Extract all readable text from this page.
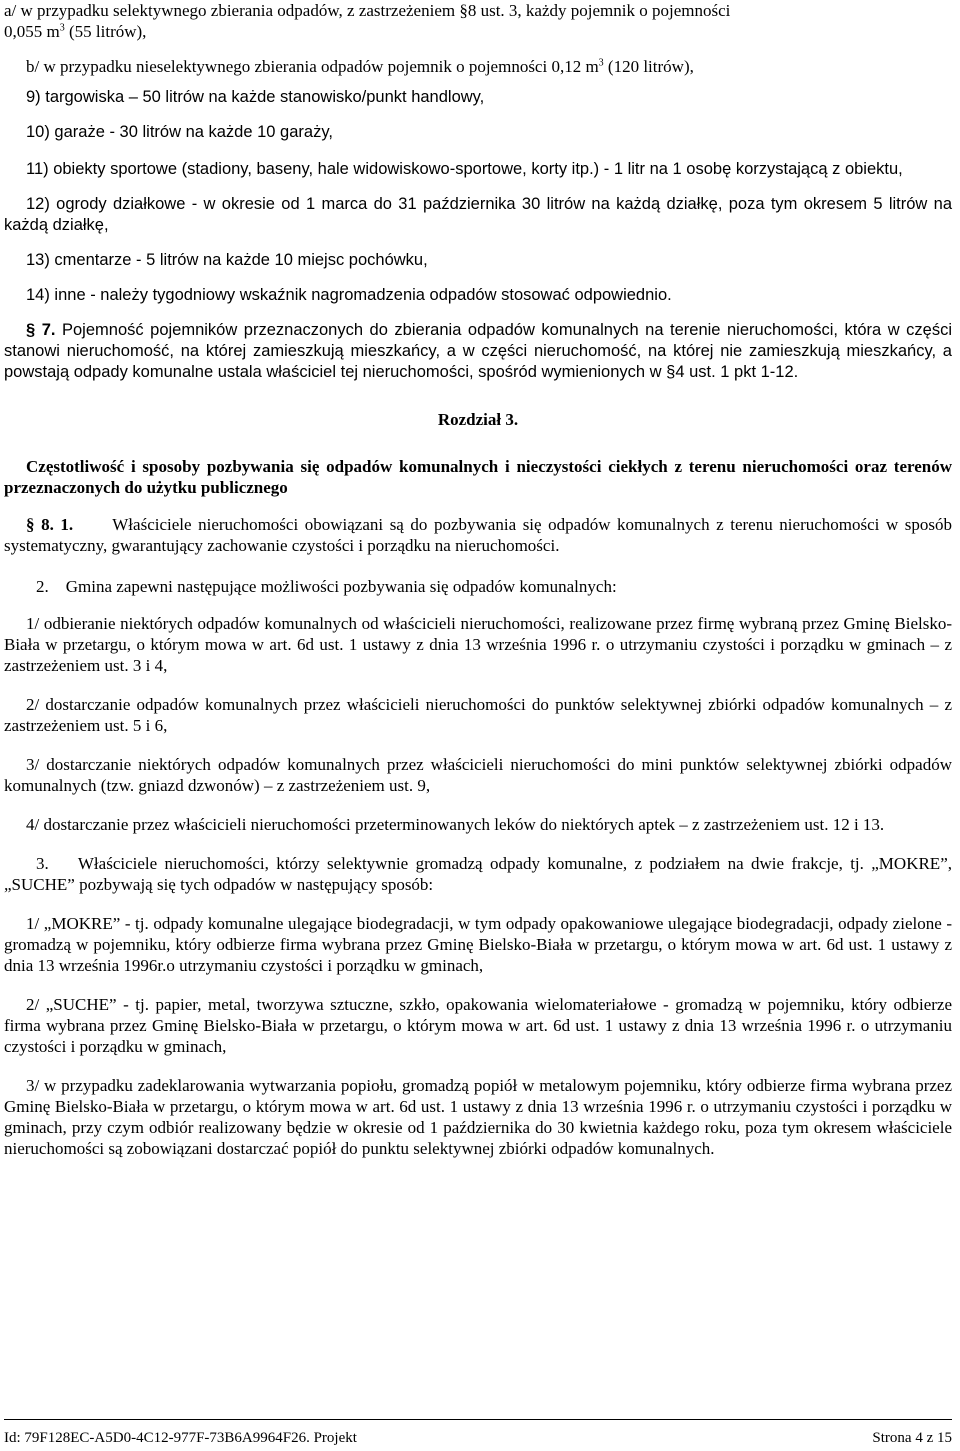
a/ w przypadku selektywnego zbierania odpadów, z zastrzeżeniem §8 ust. 3, każdy pojemnik o pojemności

0,055 $m^3$ (55 litrów),

b/ w przypadku nieselektywnego zbierania odpadów pojemnik o pojemności 0,12 $m^3$ (120 litrów),

9) targowiska – 50 litrów na każde stanowisko/punkt handlowy,

10) garaże - 30 litrów na każde 10 garaży,

11) obiekty sportowe (stadiony, baseny, hale widowiskowo-sportowe, korty itp.) - 1 litr na 1 osobę korzystającą z obiektu,

12) ogrody działkowe - w okresie od 1 marca do 31 października 30 litrów na każdą działkę, poza tym okresem 5 litrów na każdą działkę,

13) cmentarze - 5 litrów na każde 10 miejsc pochówku,

14) inne - należy tygodniowy wskaźnik nagromadzenia odpadów stosować odpowiednio.

§ 7. Pojemność pojemników przeznaczonych do zbierania odpadów komunalnych na terenie nieruchomości, która w części stanowi nieruchomość, na której zamieszkują mieszkańcy, a w części nieruchomość, na której nie zamieszkują mieszkańcy, a powstają odpady komunalne ustala właściciel tej nieruchomości, spośród wymienionych w §4 ust. 1 pkt 1-12.

Rozdział 3.

Częstotliwość i sposoby pozbywania się odpadów komunalnych i nieczystości ciekłych z terenu nieruchomości oraz terenów przeznaczonych do użytku publicznego

§ 8. 1. Właściciele nieruchomości obowiązani są do pozbywania się odpadów komunalnych z terenu nieruchomości w sposób systematyczny, gwarantujący zachowanie czystości i porządku na nieruchomości.

2. Gmina zapewni następujące możliwości pozbywania się odpadów komunalnych:

1/ odbieranie niektórych odpadów komunalnych od właścicieli nieruchomości, realizowane przez firmę wybraną przez Gminę Bielsko-Biała w przetargu, o którym mowa w art. 6d ust. 1 ustawy z dnia 13 września 1996 r. o utrzymaniu czystości i porządku w gminach – z zastrzeżeniem ust. 3 i 4,

2/ dostarczanie odpadów komunalnych przez właścicieli nieruchomości do punktów selektywnej zbiórki odpadów komunalnych – z zastrzeżeniem ust. 5 i 6,

3/ dostarczanie niektórych odpadów komunalnych przez właścicieli nieruchomości do mini punktów selektywnej zbiórki odpadów komunalnych (tzw. gniazd dzwonów) – z zastrzeżeniem ust. 9,

4/ dostarczanie przez właścicieli nieruchomości przeterminowanych leków do niektórych aptek – z zastrzeżeniem ust. 12 i 13.

3. Właściciele nieruchomości, którzy selektywnie gromadzą odpady komunalne, z podziałem na dwie frakcje, tj. „MOKRE”, „SUCHE” pozbywają się tych odpadów w następujący sposób:

1/ „MOKRE” - tj. odpady komunalne ulegające biodegradacji, w tym odpady opakowaniowe ulegające biodegradacji, odpady zielone - gromadzą w pojemniku, który odbierze firma wybrana przez Gminę Bielsko-Biała w przetargu, o którym mowa w art. 6d ust. 1 ustawy z dnia 13 września 1996r.o utrzymaniu czystości i porządku w gminach,

2/ „SUCHE” - tj. papier, metal, tworzywa sztuczne, szkło, opakowania wielomateriałowe - gromadzą w pojemniku, który odbierze firma wybrana przez Gminę Bielsko-Biała w przetargu, o którym mowa w art. 6d ust. 1 ustawy z dnia 13 września 1996 r. o utrzymaniu czystości i porządku w gminach,

3/ w przypadku zadeklarowania wytwarzania popiołu, gromadzą popiół w metalowym pojemniku, który odbierze firma wybrana przez Gminę Bielsko-Biała w przetargu, o którym mowa w art. 6d ust. 1 ustawy z dnia 13 września 1996 r. o utrzymaniu czystości i porządku w gminach, przy czym odbiór realizowany będzie w okresie od 1 października do 30 kwietnia każdego roku, poza tym okresem właściciele nieruchomości są zobowiązani dostarczać popiół do punktu selektywnej zbiórki odpadów komunalnych.

Id: 79F128EC-A5D0-4C12-977F-73B6A9964F26. Projekt	Strona 4 z 15
